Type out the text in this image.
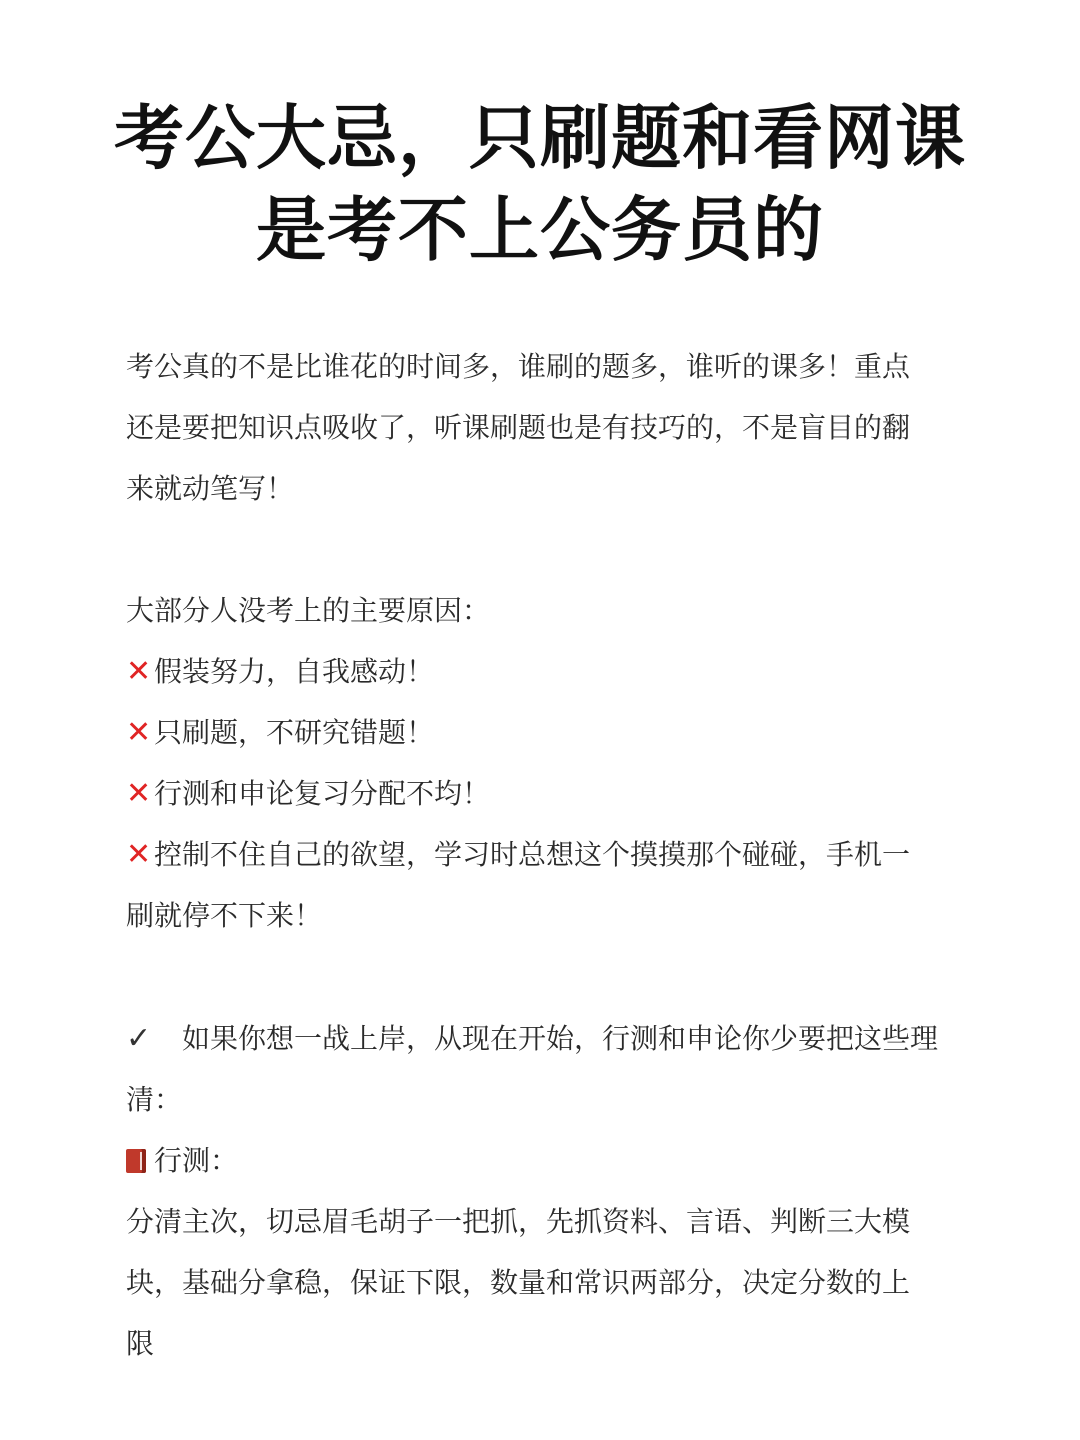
考公大忌，只刷题和看网课
是考不上公务员的

考公真的不是比谁花的时间多，谁刷的题多，谁听的课多！重点

还是要把知识点吸收了，听课刷题也是有技巧的，不是盲目的翻

来就动笔写！

大部分人没考上的主要原因：

✕ 假装努力，自我感动！

✕ 只刷题，不研究错题！

✕ 行测和申论复习分配不均！

✕ 控制不住自己的欲望，学习时总想这个摸摸那个碰碰，手机一

刷就停不下来！

✓ 如果你想一战上岸，从现在开始，行测和申论你少要把这些理

清：

行测：

分清主次，切忌眉毛胡子一把抓，先抓资料、言语、判断三大模

块，基础分拿稳，保证下限，数量和常识两部分，决定分数的上

限
